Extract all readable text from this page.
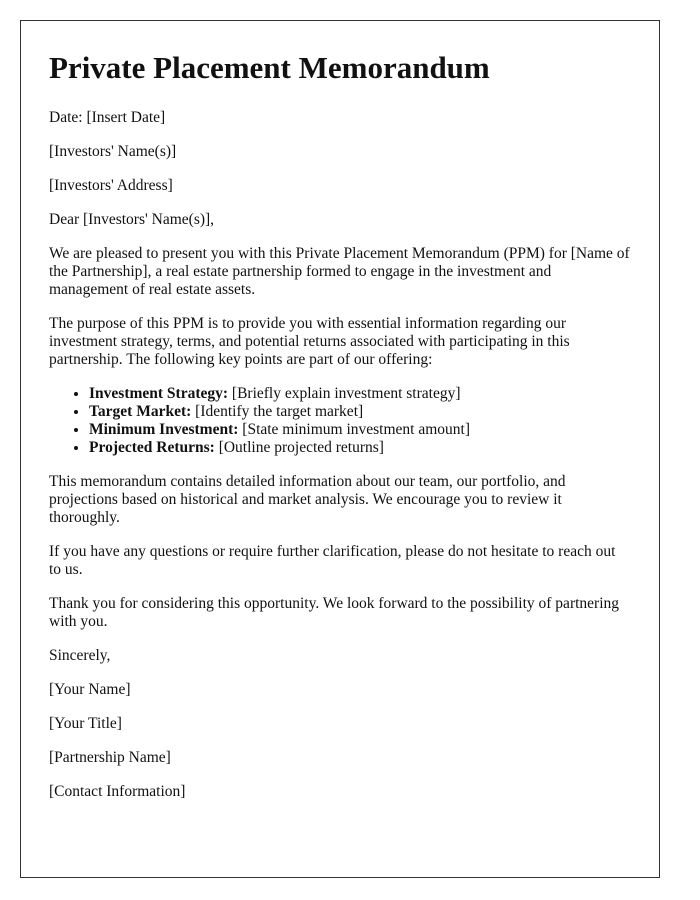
Private Placement Memorandum

Date: [Insert Date]

[Investors' Name(s)]

[Investors' Address]

Dear [Investors' Name(s)],

We are pleased to present you with this Private Placement Memorandum (PPM) for [Name of the Partnership], a real estate partnership formed to engage in the investment and management of real estate assets.

The purpose of this PPM is to provide you with essential information regarding our investment strategy, terms, and potential returns associated with participating in this partnership. The following key points are part of our offering:

• Investment Strategy: [Briefly explain investment strategy]
• Target Market: [Identify the target market]
• Minimum Investment: [State minimum investment amount]
• Projected Returns: [Outline projected returns]

This memorandum contains detailed information about our team, our portfolio, and projections based on historical and market analysis. We encourage you to review it thoroughly.

If you have any questions or require further clarification, please do not hesitate to reach out to us.

Thank you for considering this opportunity. We look forward to the possibility of partnering with you.

Sincerely,

[Your Name]

[Your Title]

[Partnership Name]

[Contact Information]
